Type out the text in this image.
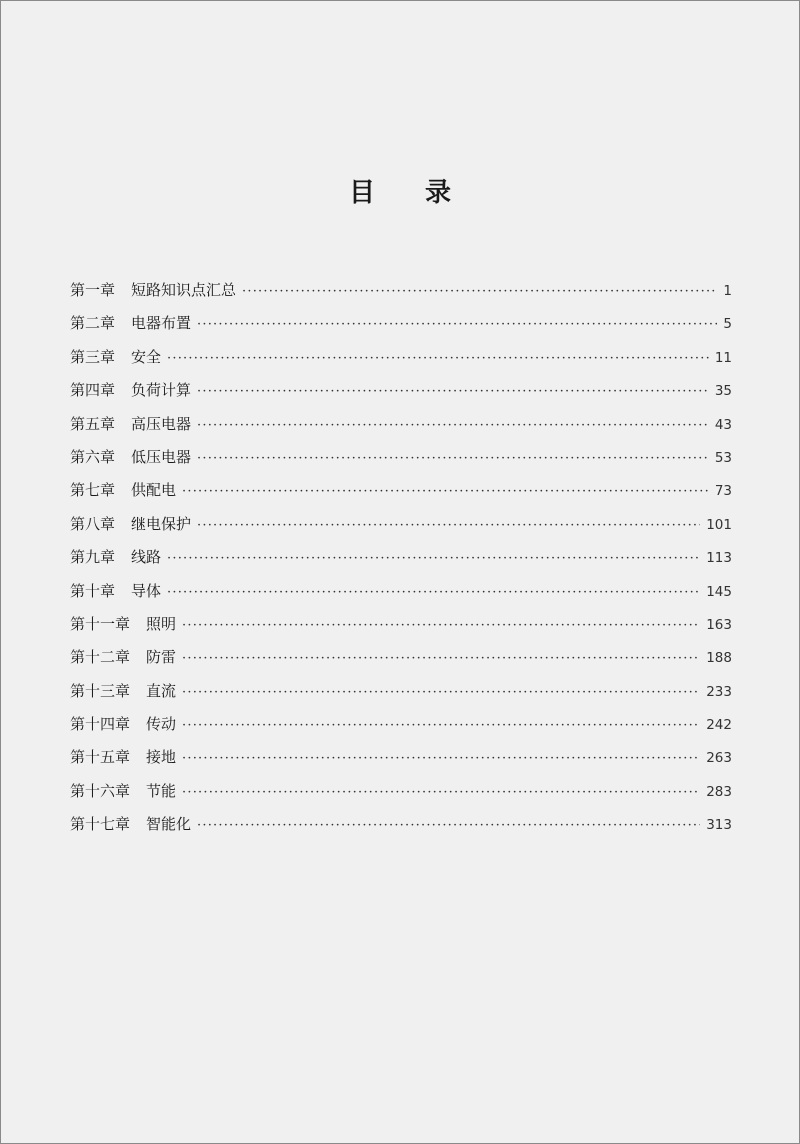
目 录
第一章 短路知识点汇总 ·····	1
第二章 电器布置 ·····	5
第三章 安全 ·····	11
第四章 负荷计算 ·····	35
第五章 高压电器 ·····	43
第六章 低压电器 ·····	53
第七章 供配电 ·····	73
第八章 继电保护 ·····	101
第九章 线路 ·····	113
第十章 导体 ·····	145
第十一章 照明 ·····	163
第十二章 防雷 ·····	188
第十三章 直流 ·····	233
第十四章 传动 ·····	242
第十五章 接地 ·····	263
第十六章 节能 ·····	283
第十七章 智能化 ·····	313
